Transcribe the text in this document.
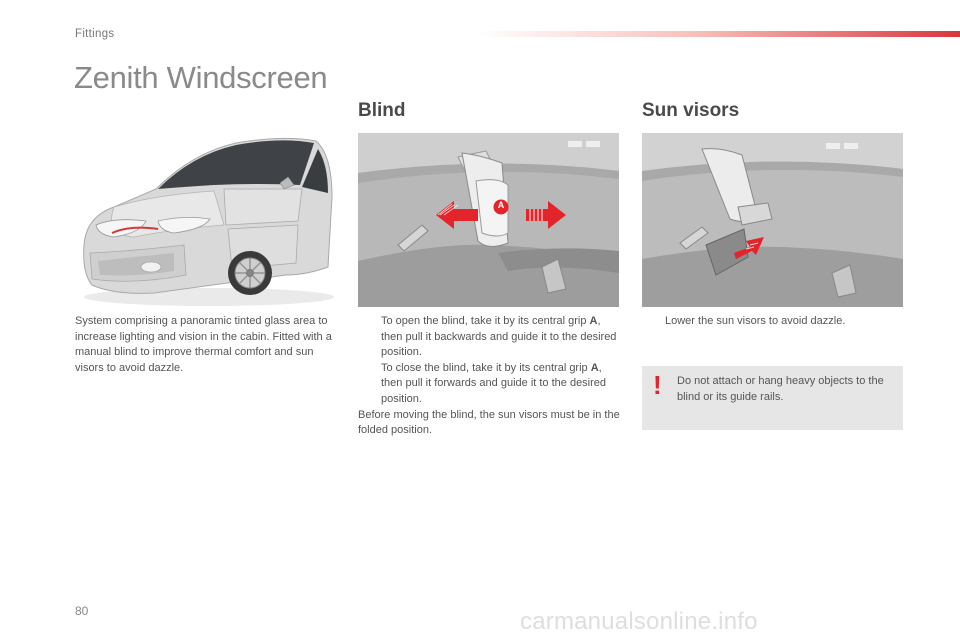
Fittings
Zenith Windscreen
Blind
A
Sun visors
System comprising a panoramic tinted glass area to increase lighting and vision in the cabin. Fitted with a manual blind to improve thermal comfort and sun visors to avoid dazzle.
To open the blind, take it by its central grip A, then pull it backwards and guide it to the desired position.
To close the blind, take it by its central grip A, then pull it forwards and guide it to the desired position.
Before moving the blind, the sun visors must be in the folded position.
Lower the sun visors to avoid dazzle.
! Do not attach or hang heavy objects to the blind or its guide rails.
80	carmanualsonline.info
